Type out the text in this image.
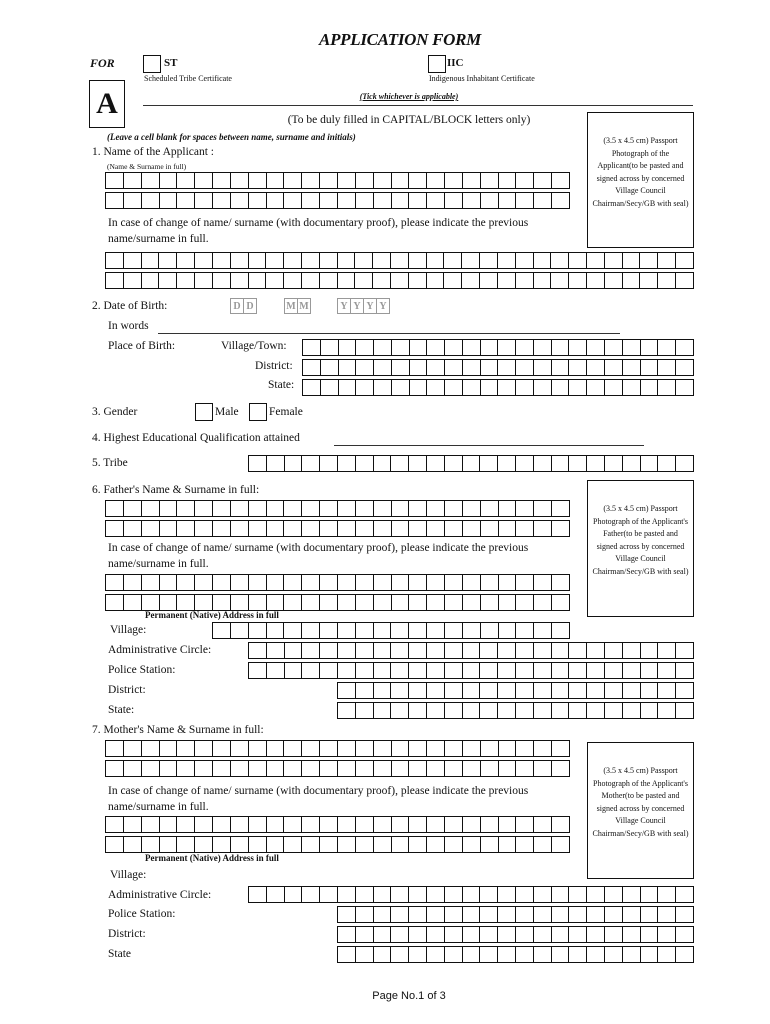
APPLICATION FORM
FOR	ST
Scheduled Tribe Certificate
IIC
Indigenous Inhabitant Certificate
(Tick whichever is applicable)
A	(To be duly filled in CAPITAL/BLOCK letters only)
(Leave a cell blank for spaces between name, surname and initials)
1. Name of the Applicant :
(Name & Surname in full)
(3.5 x 4.5 cm) Passport Photograph of the Applicant(to be pasted and signed across by concerned Village Council Chairman/Secy/GB with seal)
In case of change of name/ surname (with documentary proof), please indicate the previous name/surname in full.
2. Date of Birth:	D D	M M	Y Y Y Y
In words
Place of Birth:	Village/Town:
District:
State:
3. Gender	Male	Female
4. Highest Educational Qualification attained
5. Tribe
6. Father's Name & Surname in full:
(3.5 x 4.5 cm) Passport Photograph of the Applicant's Father(to be pasted and signed across by concerned Village Council Chairman/Secy/GB with seal)
In case of change of name/ surname (with documentary proof), please indicate the previous name/surname in full.
Permanent (Native) Address in full
Village:
Administrative Circle:
Police Station:
District:
State:
7. Mother's Name & Surname in full:
(3.5 x 4.5 cm) Passport Photograph of the Applicant's Mother(to be pasted and signed across by concerned Village Council Chairman/Secy/GB with seal)
In case of change of name/ surname (with documentary proof), please indicate the previous name/surname in full.
Permanent (Native) Address in full
Village:
Administrative Circle:
Police Station:
District:
State
Page No.1 of 3
